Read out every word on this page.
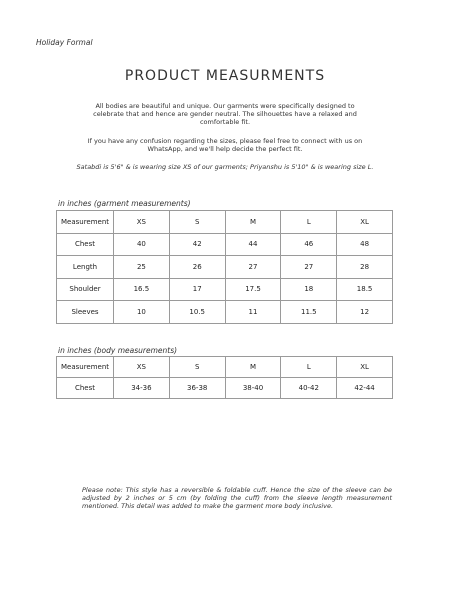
Holiday Formal
PRODUCT MEASURMENTS
All bodies are beautiful and unique. Our garments were specifically designed to celebrate that and hence are gender neutral. The silhouettes have a relaxed and comfortable fit.
If you have any confusion regarding the sizes, please feel free to connect with us on WhatsApp, and we'll help decide the perfect fit.
Satabdi is 5'6" & is wearing size XS of our garments; Priyanshu is 5'10" & is wearing size L.
in inches (garment measurements)
Measurement	XS	S	M	L	XL
Chest	40	42	44	46	48
Length	25	26	27	27	28
Shoulder	16.5	17	17.5	18	18.5
Sleeves	10	10.5	11	11.5	12
in inches (body measurements)
Measurement	XS	S	M	L	XL
Chest	34-36	36-38	38-40	40-42	42-44
Please note: This style has a reversible & foldable cuff. Hence the size of the sleeve can be adjusted by 2 inches or 5 cm (by folding the cuff) from the sleeve length measurement mentioned. This detail was added to make the garment more body inclusive.
